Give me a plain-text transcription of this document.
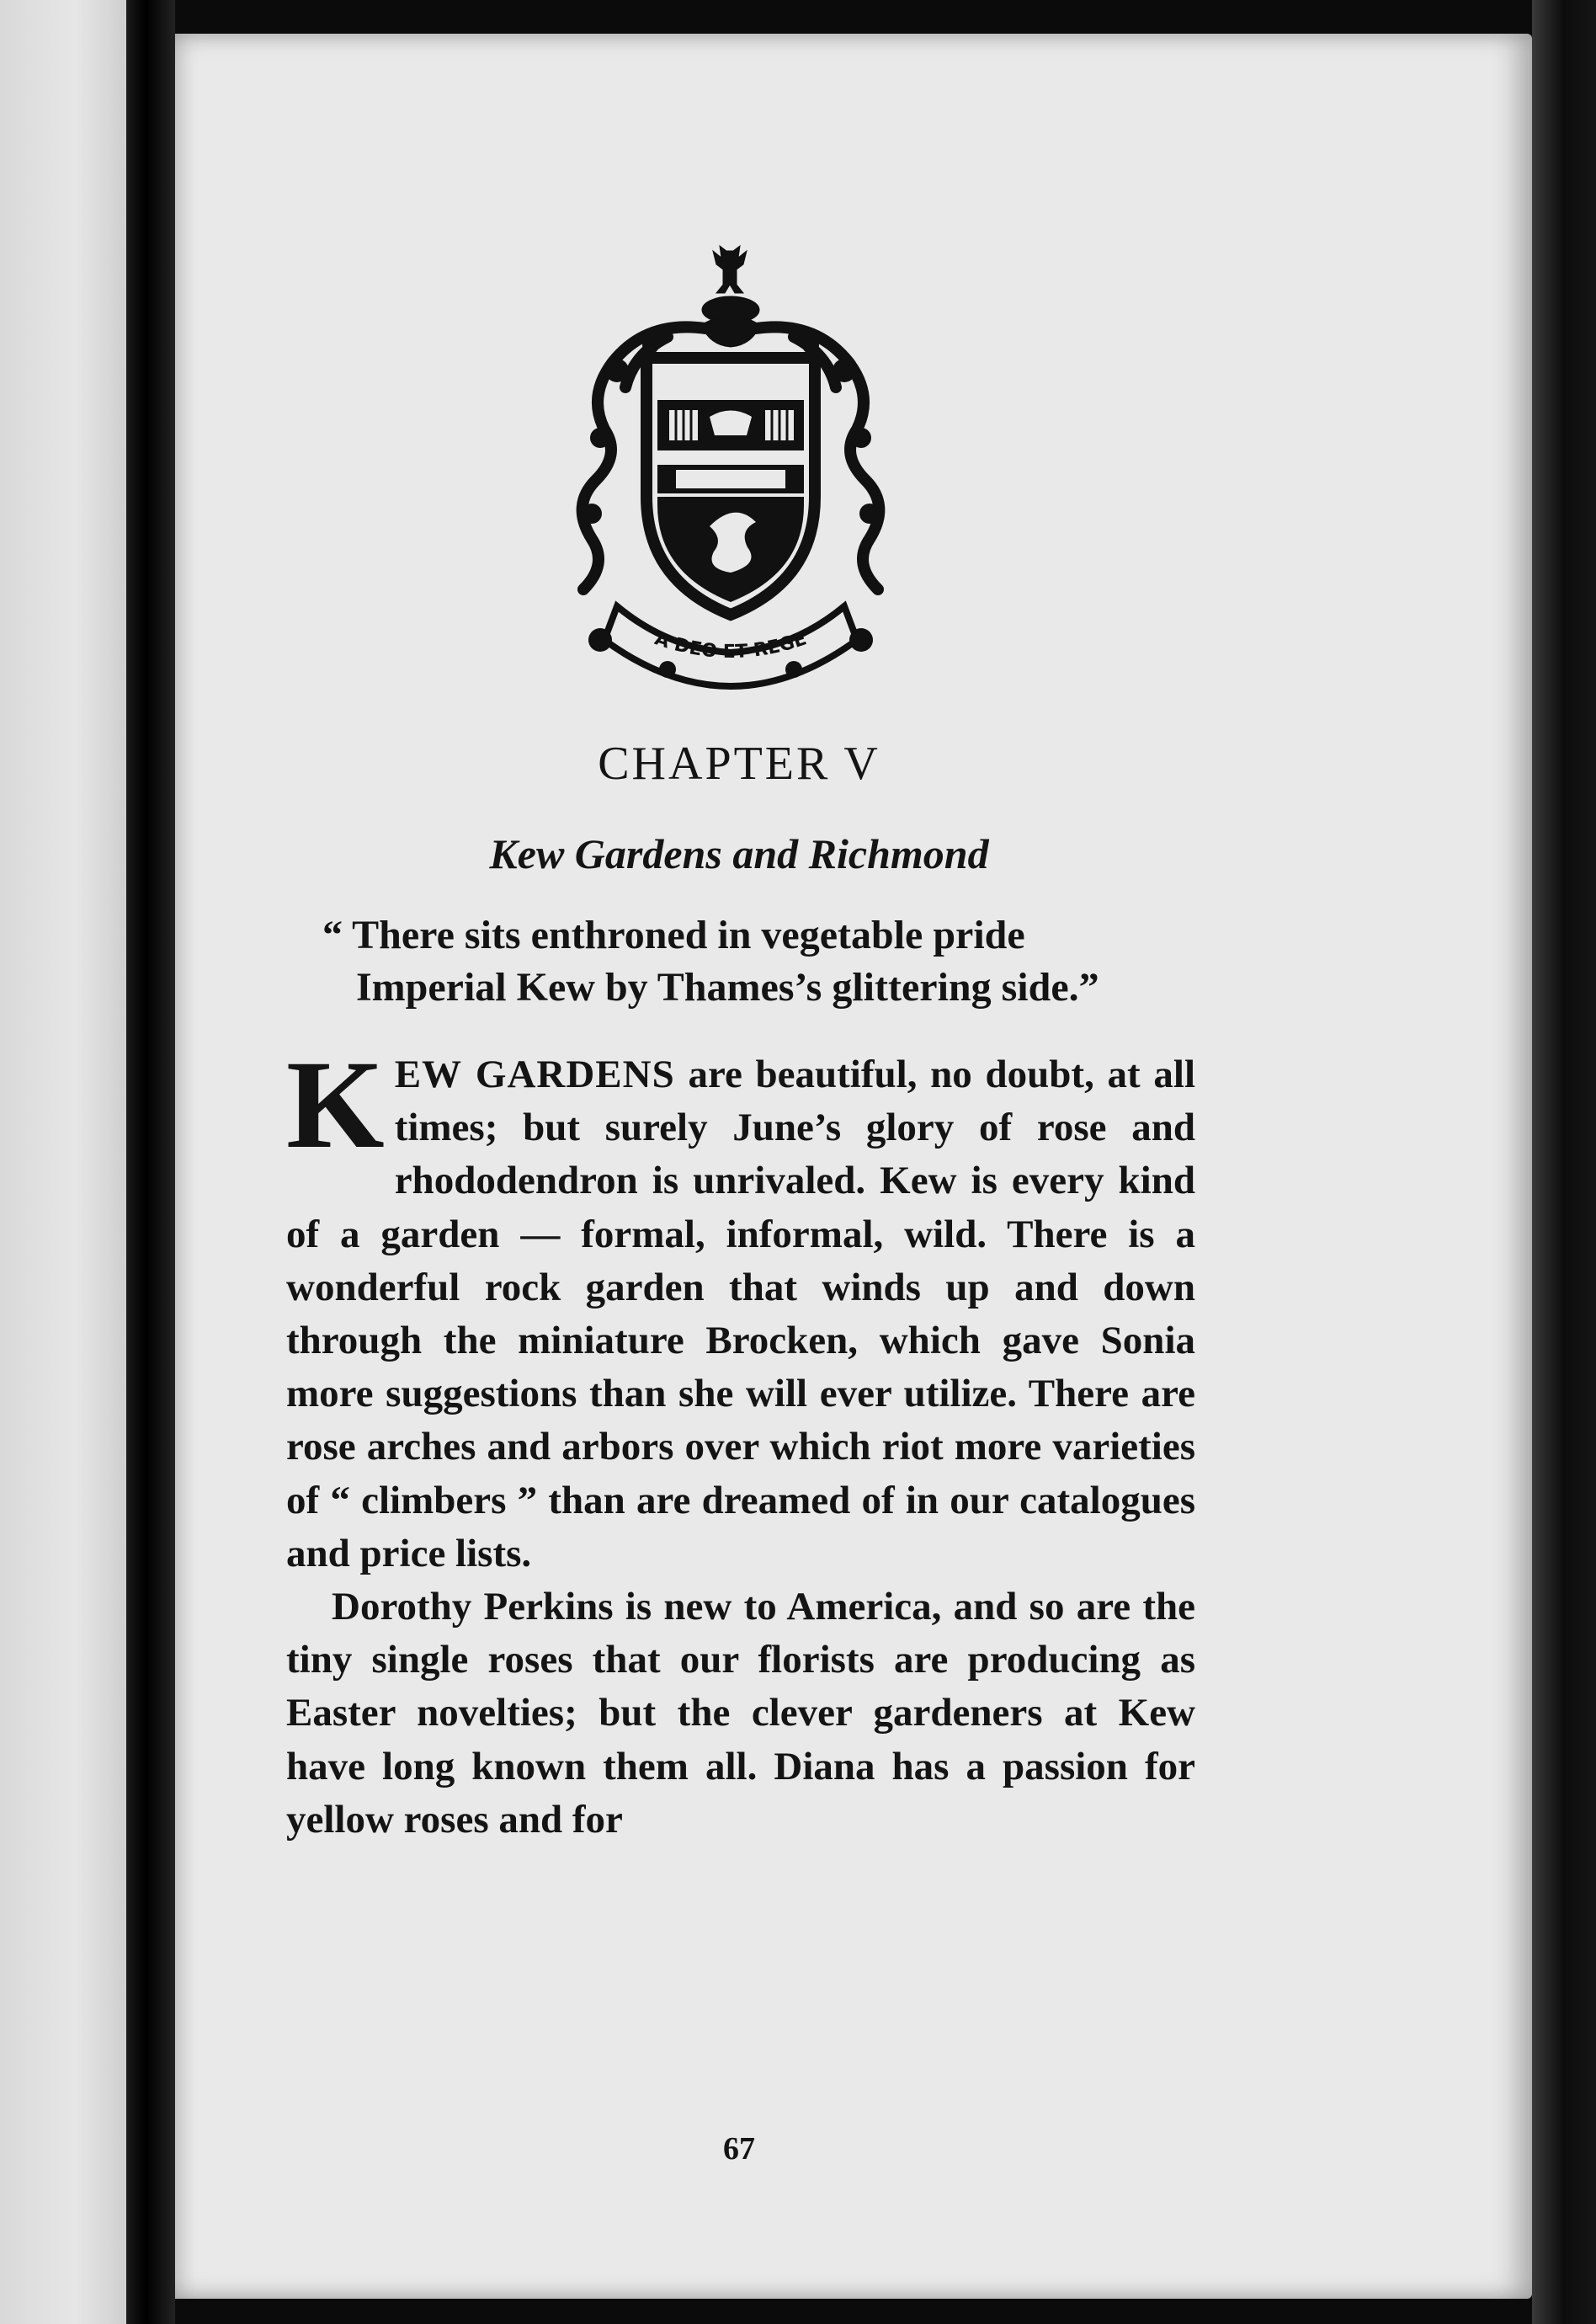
A DEO ET REGE
CHAPTER V
Kew Gardens and Richmond
“ There sits enthroned in vegetable pride
Imperial Kew by Thames’s glittering side.”

KEW GARDENS are beautiful, no doubt, at all times; but surely June’s glory of rose and rhododendron is unrivaled. Kew is every kind of a garden — formal, informal, wild. There is a wonderful rock garden that winds up and down through the miniature Brocken, which gave Sonia more suggestions than she will ever utilize. There are rose arches and arbors over which riot more varieties of “ climbers ” than are dreamed of in our catalogues and price lists.

Dorothy Perkins is new to America, and so are the tiny single roses that our florists are producing as Easter novelties; but the clever gardeners at Kew have long known them all. Diana has a passion for yellow roses and for

67
